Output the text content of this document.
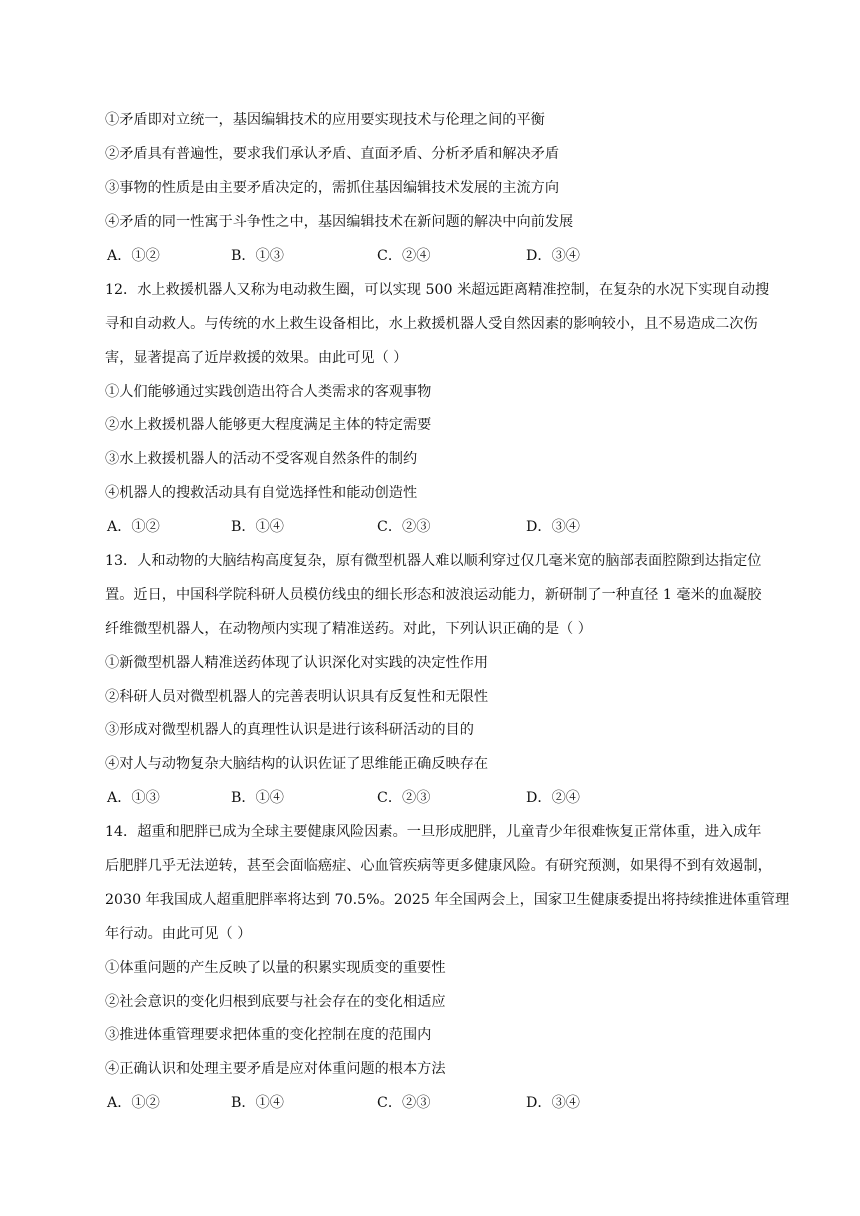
①矛盾即对立统一，基因编辑技术的应用要实现技术与伦理之间的平衡
②矛盾具有普遍性，要求我们承认矛盾、直面矛盾、分析矛盾和解决矛盾
③事物的性质是由主要矛盾决定的，需抓住基因编辑技术发展的主流方向
④矛盾的同一性寓于斗争性之中，基因编辑技术在新问题的解决中向前发展
A．①②	B．①③	C．②④	D．③④
12．水上救援机器人又称为电动救生圈，可以实现 500 米超远距离精准控制，在复杂的水况下实现自动搜
寻和自动救人。与传统的水上救生设备相比，水上救援机器人受自然因素的影响较小，且不易造成二次伤
害，显著提高了近岸救援的效果。由此可见（ ）
①人们能够通过实践创造出符合人类需求的客观事物
②水上救援机器人能够更大程度满足主体的特定需要
③水上救援机器人的活动不受客观自然条件的制约
④机器人的搜救活动具有自觉选择性和能动创造性
A．①②	B．①④	C．②③	D．③④
13．人和动物的大脑结构高度复杂，原有微型机器人难以顺利穿过仅几毫米宽的脑部表面腔隙到达指定位
置。近日，中国科学院科研人员模仿线虫的细长形态和波浪运动能力，新研制了一种直径 1 毫米的血凝胶
纤维微型机器人，在动物颅内实现了精准送药。对此，下列认识正确的是（ ）
①新微型机器人精准送药体现了认识深化对实践的决定性作用
②科研人员对微型机器人的完善表明认识具有反复性和无限性
③形成对微型机器人的真理性认识是进行该科研活动的目的
④对人与动物复杂大脑结构的认识佐证了思维能正确反映存在
A．①③	B．①④	C．②③	D．②④
14．超重和肥胖已成为全球主要健康风险因素。一旦形成肥胖，儿童青少年很难恢复正常体重，进入成年
后肥胖几乎无法逆转，甚至会面临癌症、心血管疾病等更多健康风险。有研究预测，如果得不到有效遏制，
2030 年我国成人超重肥胖率将达到 70.5%。2025 年全国两会上，国家卫生健康委提出将持续推进体重管理
年行动。由此可见（ ）
①体重问题的产生反映了以量的积累实现质变的重要性
②社会意识的变化归根到底要与社会存在的变化相适应
③推进体重管理要求把体重的变化控制在度的范围内
④正确认识和处理主要矛盾是应对体重问题的根本方法
A．①②	B．①④	C．②③	D．③④
